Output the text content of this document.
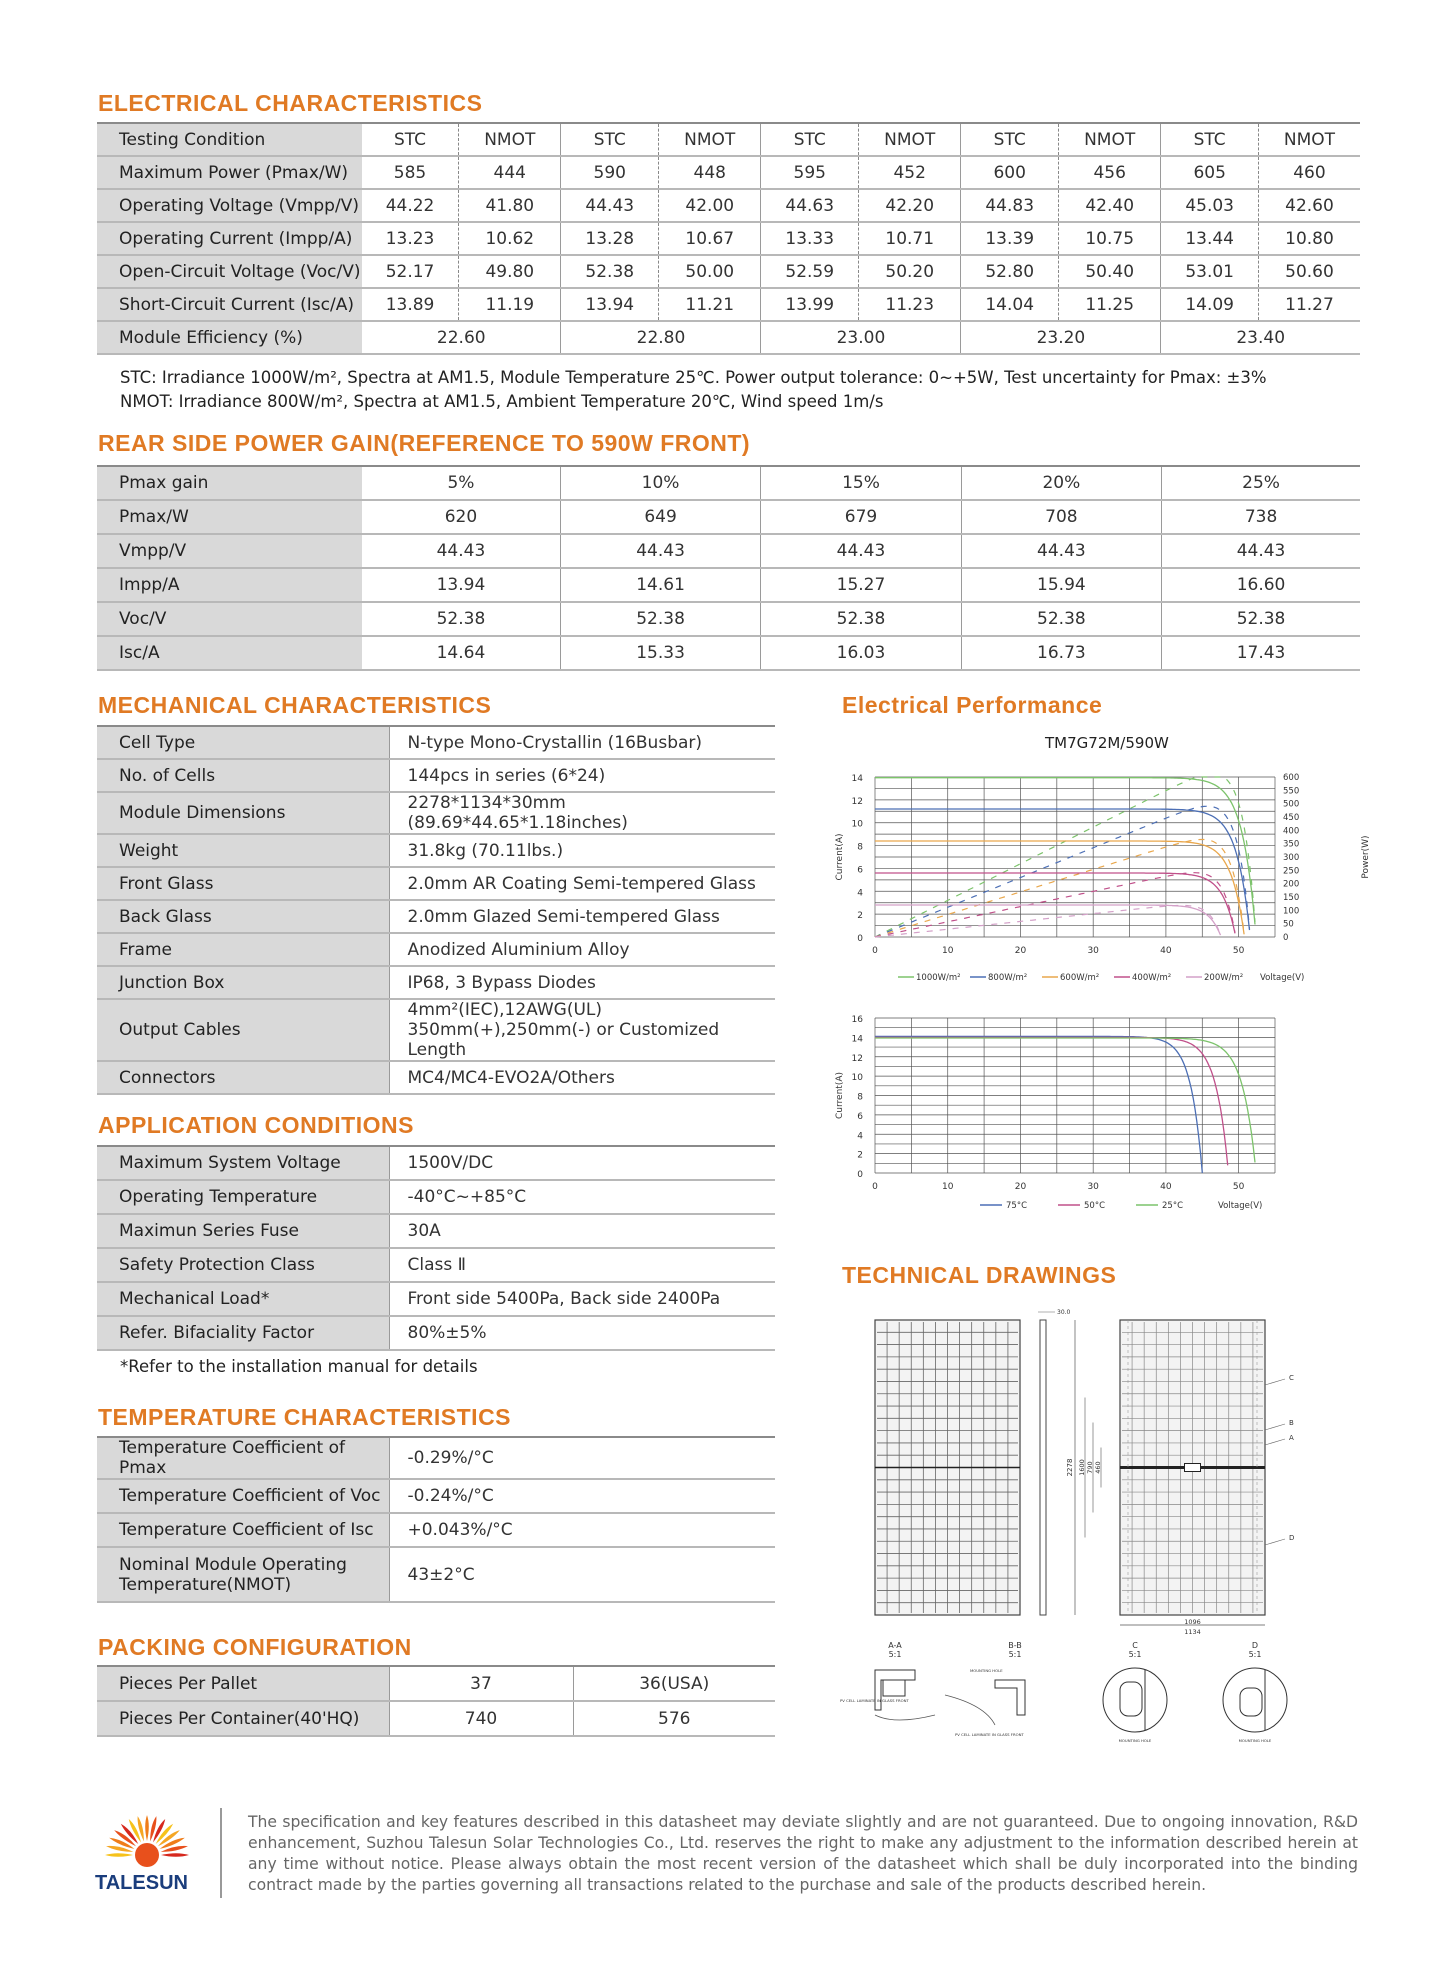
ELECTRICAL CHARACTERISTICS
Testing Condition	STC	NMOT	STC	NMOT	STC	NMOT	STC	NMOT	STC	NMOT
Maximum Power (Pmax/W)	585	444	590	448	595	452	600	456	605	460
Operating Voltage (Vmpp/V)	44.22	41.80	44.43	42.00	44.63	42.20	44.83	42.40	45.03	42.60
Operating Current (Impp/A)	13.23	10.62	13.28	10.67	13.33	10.71	13.39	10.75	13.44	10.80
Open-Circuit Voltage (Voc/V)	52.17	49.80	52.38	50.00	52.59	50.20	52.80	50.40	53.01	50.60
Short-Circuit Current (Isc/A)	13.89	11.19	13.94	11.21	13.99	11.23	14.04	11.25	14.09	11.27
Module Efficiency (%)	22.60		22.80		23.00		23.20		23.40	
STC: Irradiance 1000W/m², Spectra at AM1.5, Module Temperature 25℃. Power output tolerance: 0~+5W, Test uncertainty for Pmax: ±3%
NMOT: Irradiance 800W/m², Spectra at AM1.5, Ambient Temperature 20℃, Wind speed 1m/s
REAR SIDE POWER GAIN(REFERENCE TO 590W FRONT)
Pmax gain	5%	10%	15%	20%	25%
Pmax/W	620	649	679	708	738
Vmpp/V	44.43	44.43	44.43	44.43	44.43
Impp/A	13.94	14.61	15.27	15.94	16.60
Voc/V	52.38	52.38	52.38	52.38	52.38
Isc/A	14.64	15.33	16.03	16.73	17.43
MECHANICAL CHARACTERISTICS
Cell Type	N-type Mono-Crystallin (16Busbar)

No. of Cells	144pcs in series (6*24)

Module Dimensions	2278*1134*30mm (89.69*44.65*1.18inches)

Weight	31.8kg (70.11lbs.)

Front Glass	2.0mm AR Coating Semi-tempered Glass

Back Glass	2.0mm Glazed Semi-tempered Glass

Frame	Anodized Aluminium Alloy

Junction Box	IP68, 3 Bypass Diodes

Output Cables	4mm²(IEC),12AWG(UL)
350mm(+),250mm(-) or Customized Length

Connectors	MC4/MC4-EVO2A/Others
APPLICATION CONDITIONS
Maximum System Voltage	1500V/DC

Operating Temperature	-40°C~+85°C

Maximun Series Fuse	30A

Safety Protection Class	Class Ⅱ

Mechanical Load*	Front side 5400Pa, Back side 2400Pa

Refer. Bifaciality Factor	80%±5%
*Refer to the installation manual for details
TEMPERATURE CHARACTERISTICS
Temperature Coefficient of Pmax	-0.29%/°C

Temperature Coefficient of Voc	-0.24%/°C

Temperature Coefficient of Isc	+0.043%/°C

Nominal Module Operating
Temperature(NMOT)	43±2°C
PACKING CONFIGURATION
Pieces Per Pallet	37	36(USA)
Pieces Per Container(40'HQ)	740	576
Electrical Performance
TM7G72M/590W
0
2
4
6
8
10
12
14
0	10	20	30	40	50
0
50
100
150
200
250
300
350
400
450
500
550
600
Current(A)	Power(W)
1000W/m²	800W/m²	600W/m²	400W/m²	200W/m² Voltage(V)
0
2
4
6
8
10
12
14
16
0	10	20	30	40	50
Current(A)
75°C	50°C	25°C	Voltage(V)
TECHNICAL DRAWINGS
30.0
2278 1600 790 460
1096
1134
C
B
A
D
A-A
5:1
B-B
5:1
C
5:1
D
5:1
PV CELL LAMINATE IN GLASS FRONT
MOUNTING HOLE
PV CELL LAMINATE IN GLASS FRONT
MOUNTING HOLE	MOUNTING HOLE
TALESUN
The specification and key features described in this datasheet may deviate slightly and are not guaranteed. Due to ongoing innovation, R&D enhancement, Suzhou Talesun Solar Technologies Co., Ltd. reserves the right to make any adjustment to the information described herein at any time without notice. Please always obtain the most recent version of the datasheet which shall be duly incorporated into the binding contract made by the parties governing all transactions related to the purchase and sale of the products described herein.
